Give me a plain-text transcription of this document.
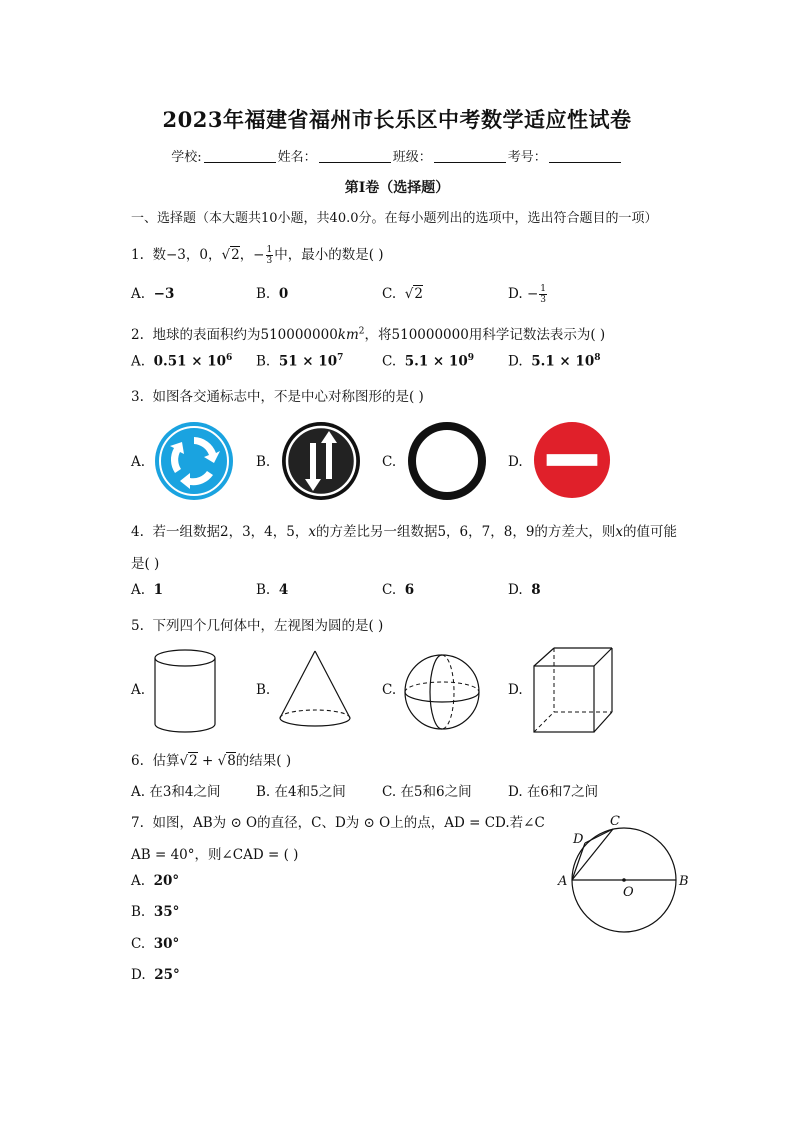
2023年福建省福州市长乐区中考数学适应性试卷
学校:	姓名：	班级：	考号：
第I卷（选择题）
一、选择题（本大题共10小题，共40.0分。在每小题列出的选项中，选出符合题目的一项）
1. 数−3，0，√2，− $\frac{1}{3}$ 中，最小的数是( )
A. −3	B. 0	C.  √2	D. − $\frac{1}{3}$
2. 地球的表面积约为$510000000km^2$，将510000000用科学记数法表示为( )
A. $0.51 \times 10^6$ B. $51 \times 10^7$	C. $5.1 \times 10^9$	D. $5.1 \times 10^8$
3. 如图各交通标志中，不是中心对称图形的是( )
A.	B.	C.	D.
4. 若一组数据2，3，4，5，x的方差比另一组数据5，6，7，8，9的方差大，则x的值可能
是( )
A. 1	B. 4	C. 6	D. 8
5. 下列四个几何体中，左视图为圆的是( )
A.	B.	C.	D.
6. 估算√2 + √8的结果( )
A. 在3和4之间	B. 在4和5之间	C. 在5和6之间	D. 在6和7之间
7. 如图，AB为 ⊙ O的直径，C、D为 ⊙ O上的点，AD = CD.若∠C
AB = 40°，则∠CAD = ( )
A. 20°
B. 35°
C. 30°
D. 25°
A	B
C
D
O
